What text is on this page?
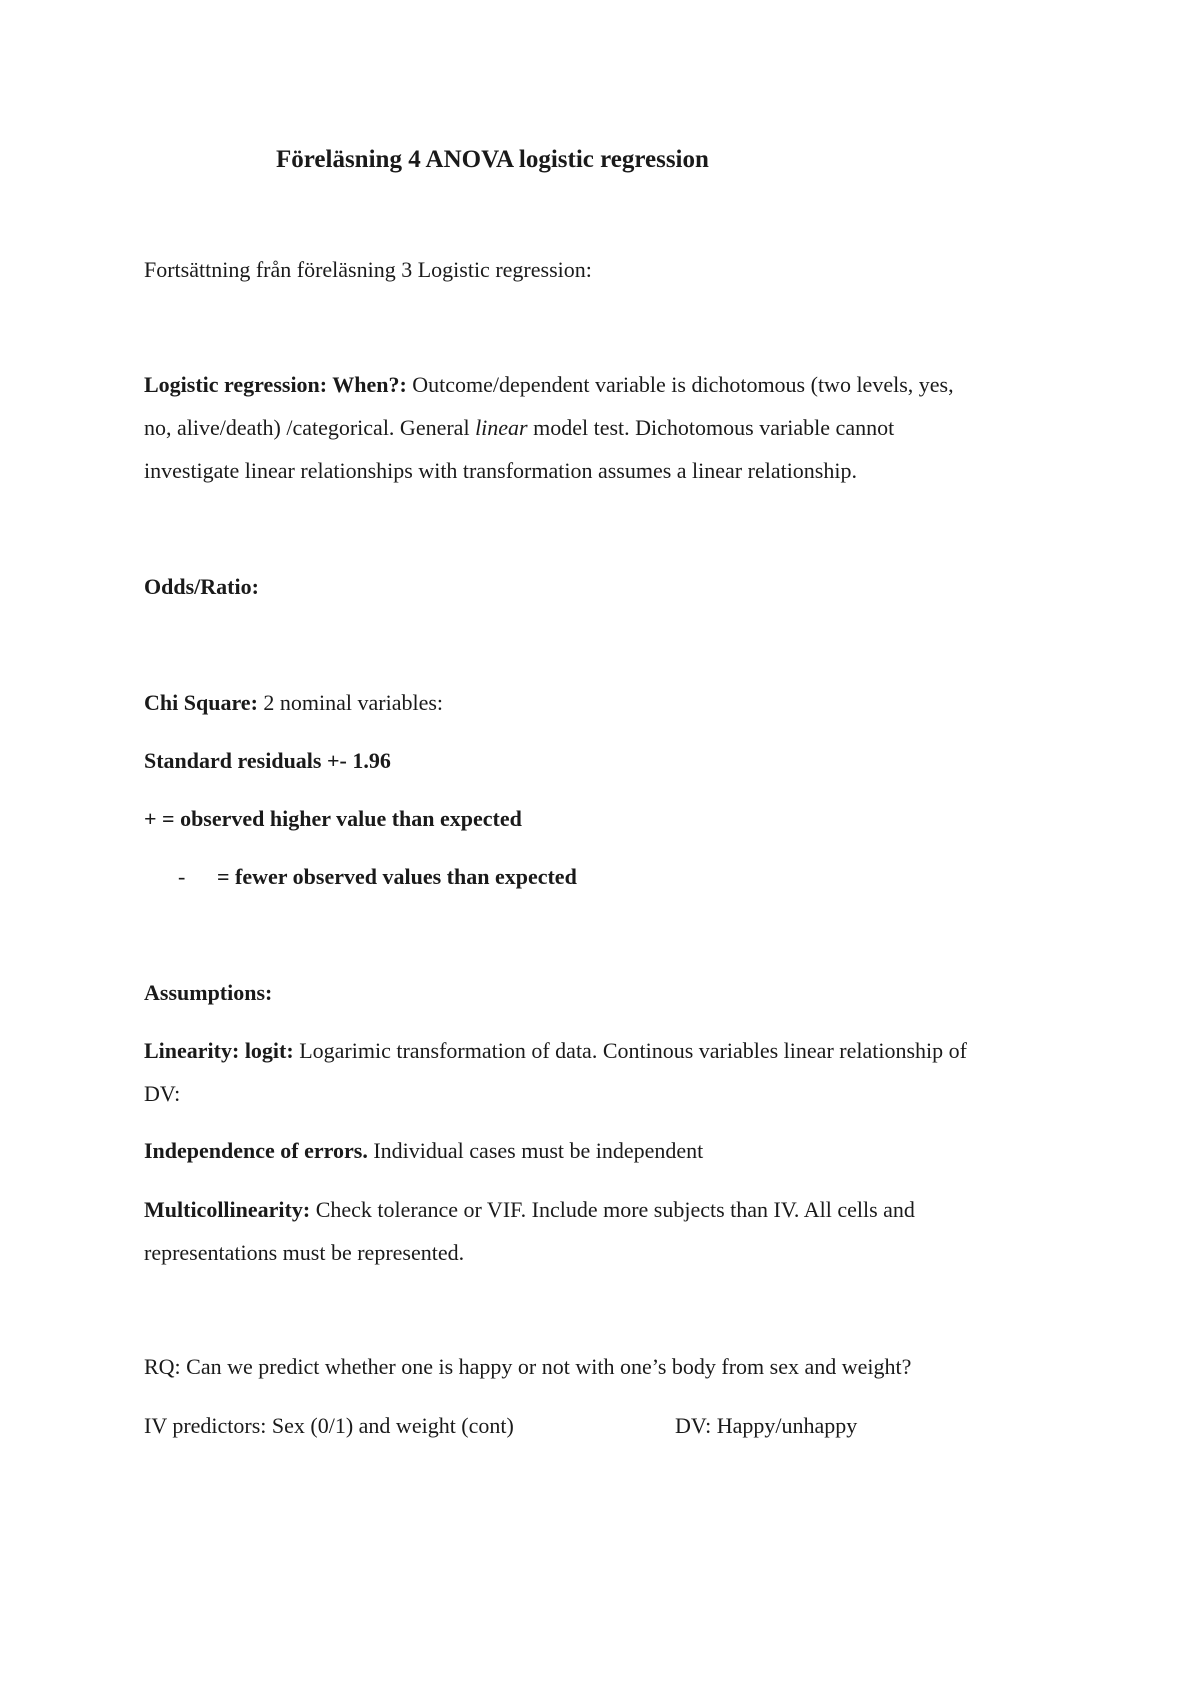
Föreläsning 4 ANOVA logistic regression
Fortsättning från föreläsning 3 Logistic regression:
Logistic regression: When?: Outcome/dependent variable is dichotomous (two levels, yes,
no, alive/death) /categorical. General linear model test. Dichotomous variable cannot
investigate linear relationships with transformation assumes a linear relationship.
Odds/Ratio:
Chi Square: 2 nominal variables:
Standard residuals +- 1.96
+ = observed higher value than expected
- = fewer observed values than expected
Assumptions:
Linearity: logit: Logarimic transformation of data. Continous variables linear relationship of
DV:
Independence of errors. Individual cases must be independent
Multicollinearity: Check tolerance or VIF. Include more subjects than IV. All cells and
representations must be represented.
RQ: Can we predict whether one is happy or not with one’s body from sex and weight?
IV predictors: Sex (0/1) and weight (cont)	DV: Happy/unhappy
